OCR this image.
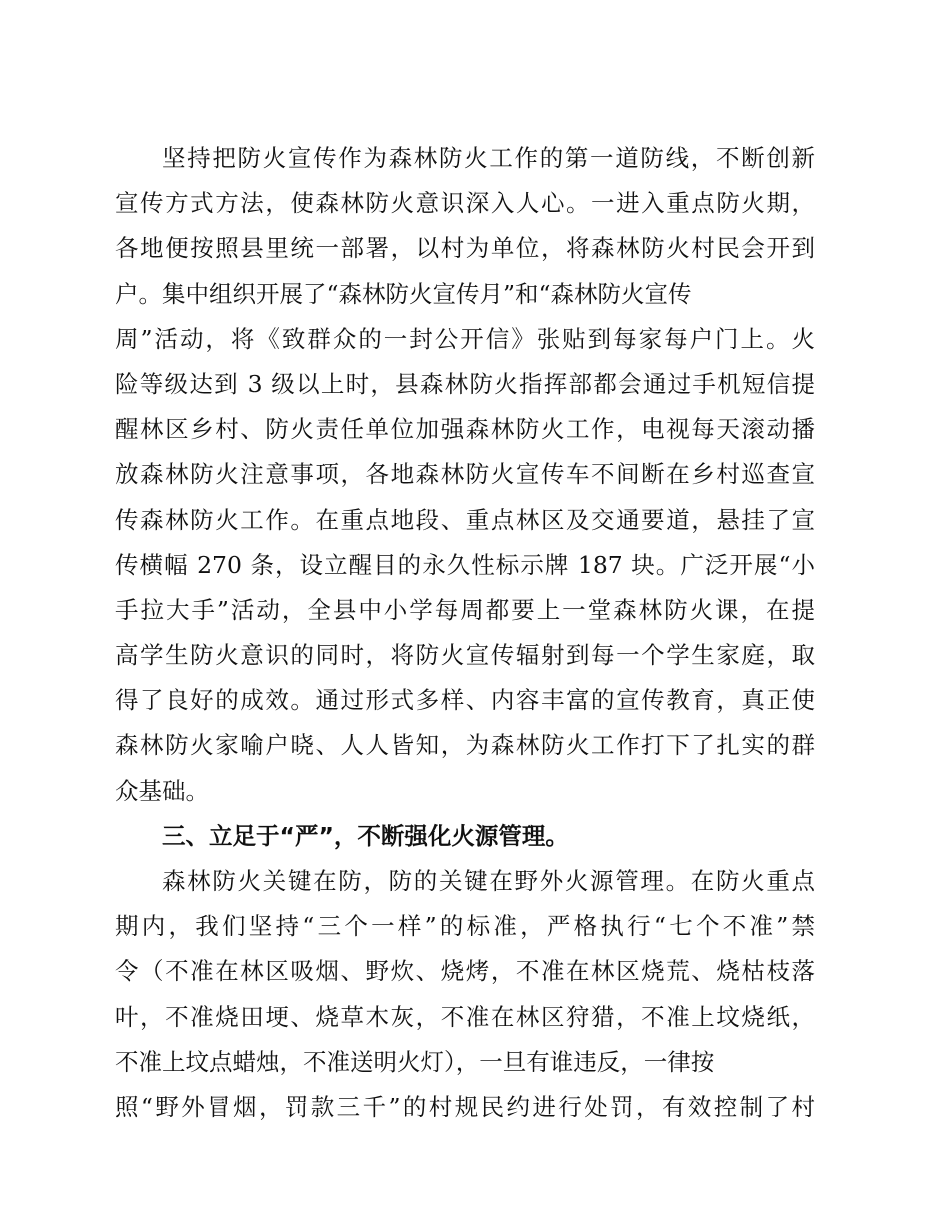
坚持把防火宣传作为森林防火工作的第一道防线，不断创新
宣传方式方法，使森林防火意识深入人心。一进入重点防火期，
各地便按照县里统一部署，以村为单位，将森林防火村民会开到
户。集中组织开展了“森林防火宣传月”和“森林防火宣传
周”活动，将《致群众的一封公开信》张贴到每家每户门上。火
险等级达到 3 级以上时，县森林防火指挥部都会通过手机短信提
醒林区乡村、防火责任单位加强森林防火工作，电视每天滚动播
放森林防火注意事项，各地森林防火宣传车不间断在乡村巡查宣
传森林防火工作。在重点地段、重点林区及交通要道，悬挂了宣
传横幅 270 条，设立醒目的永久性标示牌 187 块。广泛开展“小
手拉大手”活动，全县中小学每周都要上一堂森林防火课，在提
高学生防火意识的同时，将防火宣传辐射到每一个学生家庭，取
得了良好的成效。通过形式多样、内容丰富的宣传教育，真正使
森林防火家喻户晓、人人皆知，为森林防火工作打下了扎实的群
众基础。
三、立足于“严”，不断强化火源管理。
森林防火关键在防，防的关键在野外火源管理。在防火重点
期内，我们坚持“三个一样”的标准，严格执行“七个不准”禁
令（不准在林区吸烟、野炊、烧烤，不准在林区烧荒、烧枯枝落
叶，不准烧田埂、烧草木灰，不准在林区狩猎，不准上坟烧纸，
不准上坟点蜡烛，不准送明火灯），一旦有谁违反，一律按
照“野外冒烟，罚款三千”的村规民约进行处罚，有效控制了村
